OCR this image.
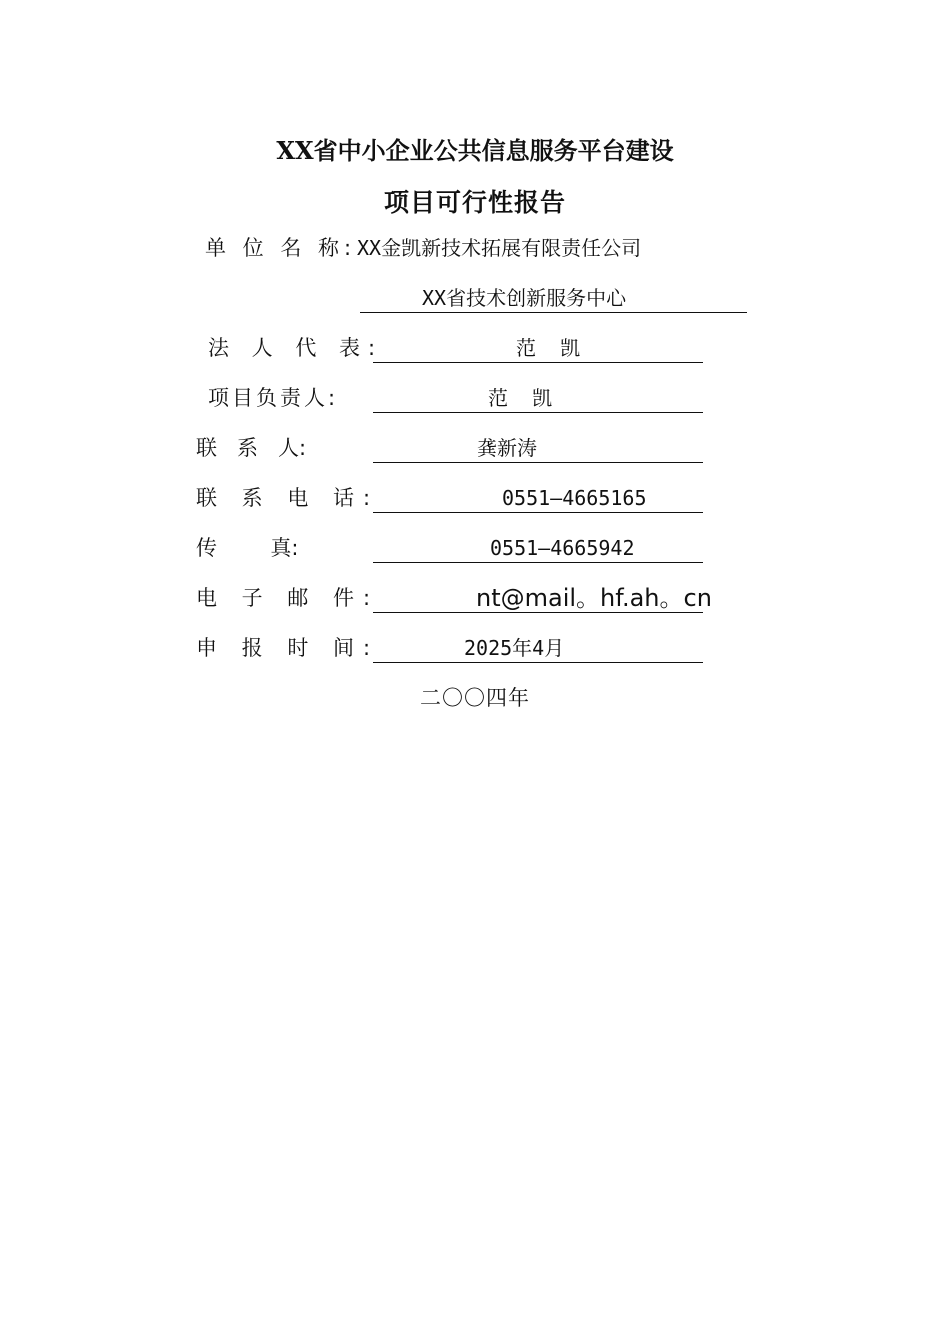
XX省中小企业公共信息服务平台建设
项目可行性报告
单 位 名 称: XX金凯新技术拓展有限责任公司
XX省技术创新服务中心
法 人 代 表:	范  凯
项目负责人:	范  凯
联   系   人:	龚新涛
联 系 电 话:	0551—4665165
传        真:	0551—4665942
电 子 邮 件:	nt@mail。hf.ah。cn
申 报 时 间:	2025年4月
二〇〇四年
